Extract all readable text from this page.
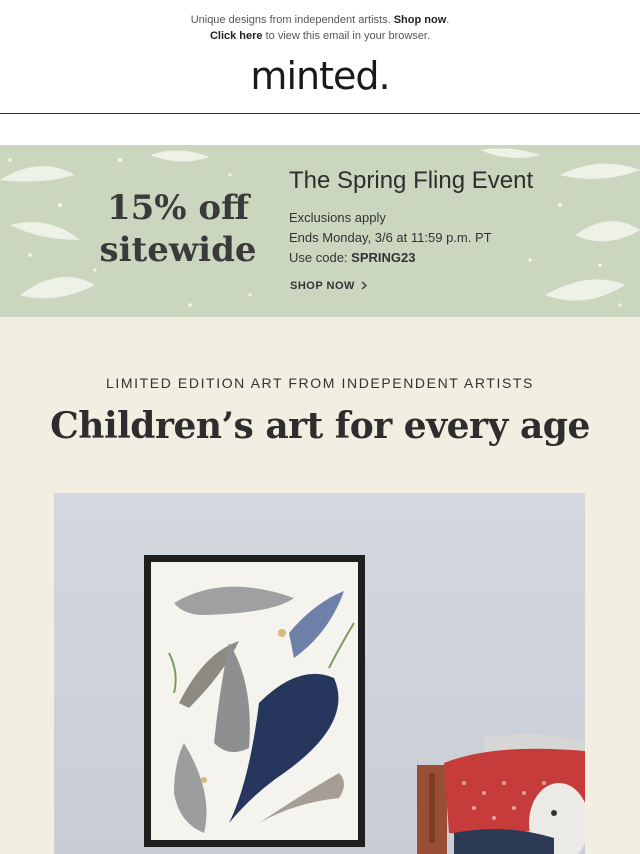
Unique designs from independent artists. Shop now.
Click here to view this email in your browser.
minted.
15% off
sitewide
The Spring Fling Event
Exclusions apply
Ends Monday, 3/6 at 11:59 p.m. PT
Use code: SPRING23
SHOP NOW
LIMITED EDITION ART FROM INDEPENDENT ARTISTS
Children’s art for every age
